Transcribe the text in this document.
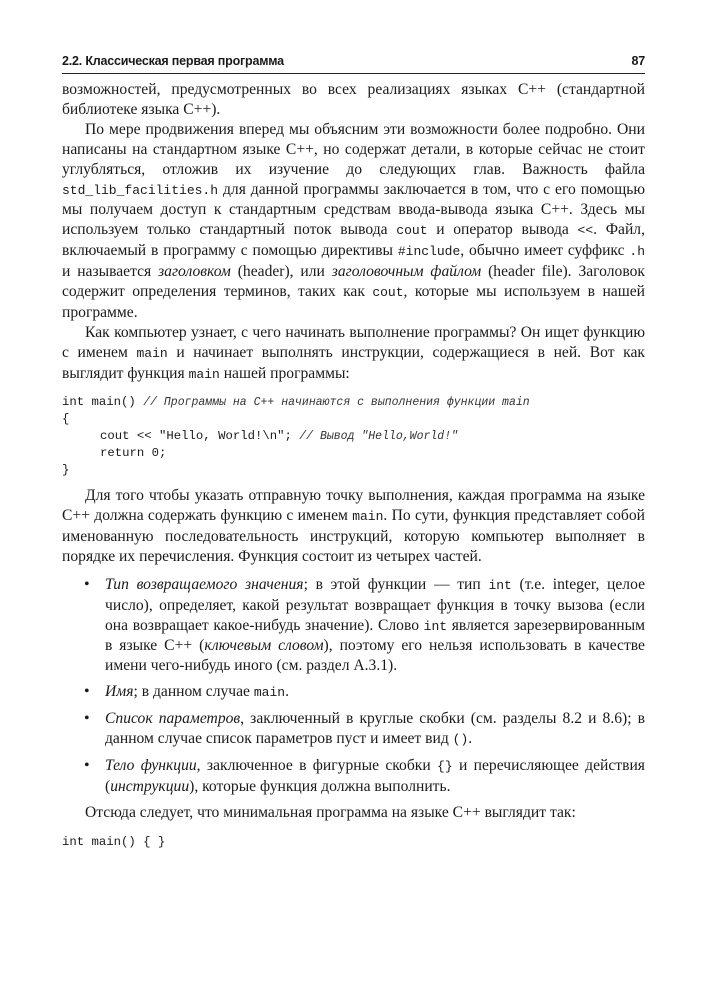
2.2. Классическая первая программа	87

возможностей, предусмотренных во всех реализациях языках С++ (стандартной библиотеке языка С++).

По мере продвижения вперед мы объясним эти возможности более подробно. Они написаны на стандартном языке С++, но содержат детали, в которые сейчас не стоит углубляться, отложив их изучение до следующих глав. Важность файла std_lib_facilities.h для данной программы заключается в том, что с его помощью мы получаем доступ к стандартным средствам ввода-вывода языка С++. Здесь мы используем только стандартный поток вывода cout и оператор вывода <<. Файл, включаемый в программу с помощью директивы #include, обычно имеет суффикс .h и называется заголовком (header), или заголовочным файлом (header file). Заголовок содержит определения терминов, таких как cout, которые мы используем в нашей программе.

Как компьютер узнает, с чего начинать выполнение программы? Он ищет функцию с именем main и начинает выполнять инструкции, содержащиеся в ней. Вот как выглядит функция main нашей программы:

int main() // Программы на С++ начинаются с выполнения функции main
{
cout << "Hello, World!\n"; // Вывод "Hello,World!"
return 0;
}

Для того чтобы указать отправную точку выполнения, каждая программа на языке С++ должна содержать функцию с именем main. По сути, функция представляет собой именованную последовательность инструкций, которую компьютер выполняет в порядке их перечисления. Функция состоит из четырех частей.

• Тип возвращаемого значения; в этой функции — тип int (т.е. integer, целое число), определяет, какой результат возвращает функция в точку вызова (если она возвращает какое-нибудь значение). Слово int является зарезервированным в языке С++ (ключевым словом), поэтому его нельзя использовать в качестве имени чего-нибудь иного (см. раздел А.3.1).
• Имя; в данном случае main.
• Список параметров, заключенный в круглые скобки (см. разделы 8.2 и 8.6); в данном случае список параметров пуст и имеет вид ().
• Тело функции, заключенное в фигурные скобки {} и перечисляющее действия (инструкции), которые функция должна выполнить.

Отсюда следует, что минимальная программа на языке С++ выглядит так:

int main() { }
